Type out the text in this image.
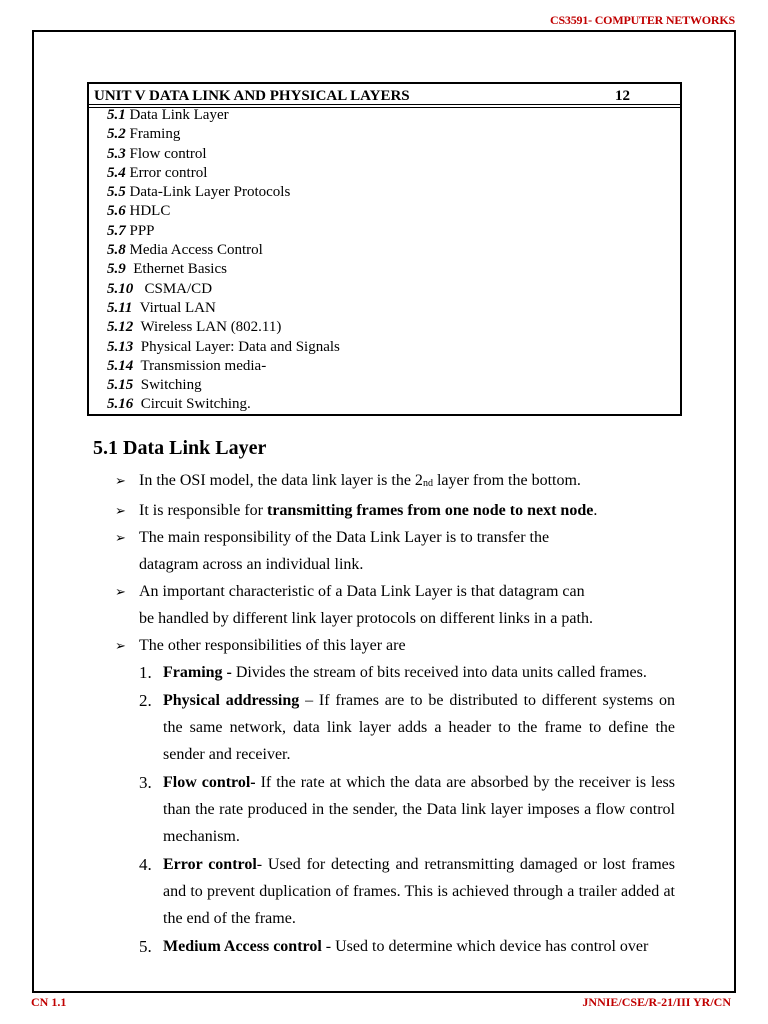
CS3591- COMPUTER NETWORKS
UNIT V DATA LINK AND PHYSICAL LAYERS	12
5.1 Data Link Layer
5.2 Framing
5.3 Flow control
5.4 Error control
5.5 Data-Link Layer Protocols
5.6 HDLC
5.7 PPP
5.8 Media Access Control
5.9 Ethernet Basics
5.10 CSMA/CD
5.11 Virtual LAN
5.12 Wireless LAN (802.11)
5.13 Physical Layer: Data and Signals
5.14 Transmission media-
5.15 Switching
5.16 Circuit Switching.
5.1 Data Link Layer
➢ In the OSI model, the data link layer is the $2_{nd}$ layer from the bottom.
➢ It is responsible for transmitting frames from one node to next node.
➢ The main responsibility of the Data Link Layer is to transfer the
datagram across an individual link.
➢ An important characteristic of a Data Link Layer is that datagram can
be handled by different link layer protocols on different links in a path.
➢ The other responsibilities of this layer are
1. Framing - Divides the stream of bits received into data units called frames.
2. Physical addressing – If frames are to be distributed to different systems on the same network, data link layer adds a header to the frame to define the sender and receiver.
3. Flow control- If the rate at which the data are absorbed by the receiver is less than the rate produced in the sender, the Data link layer imposes a flow control mechanism.
4. Error control- Used for detecting and retransmitting damaged or lost frames and to prevent duplication of frames. This is achieved through a trailer added at the end of the frame.
5. Medium Access control - Used to determine which device has control over
CN 1.1	JNNIE/CSE/R-21/III YR/CN
